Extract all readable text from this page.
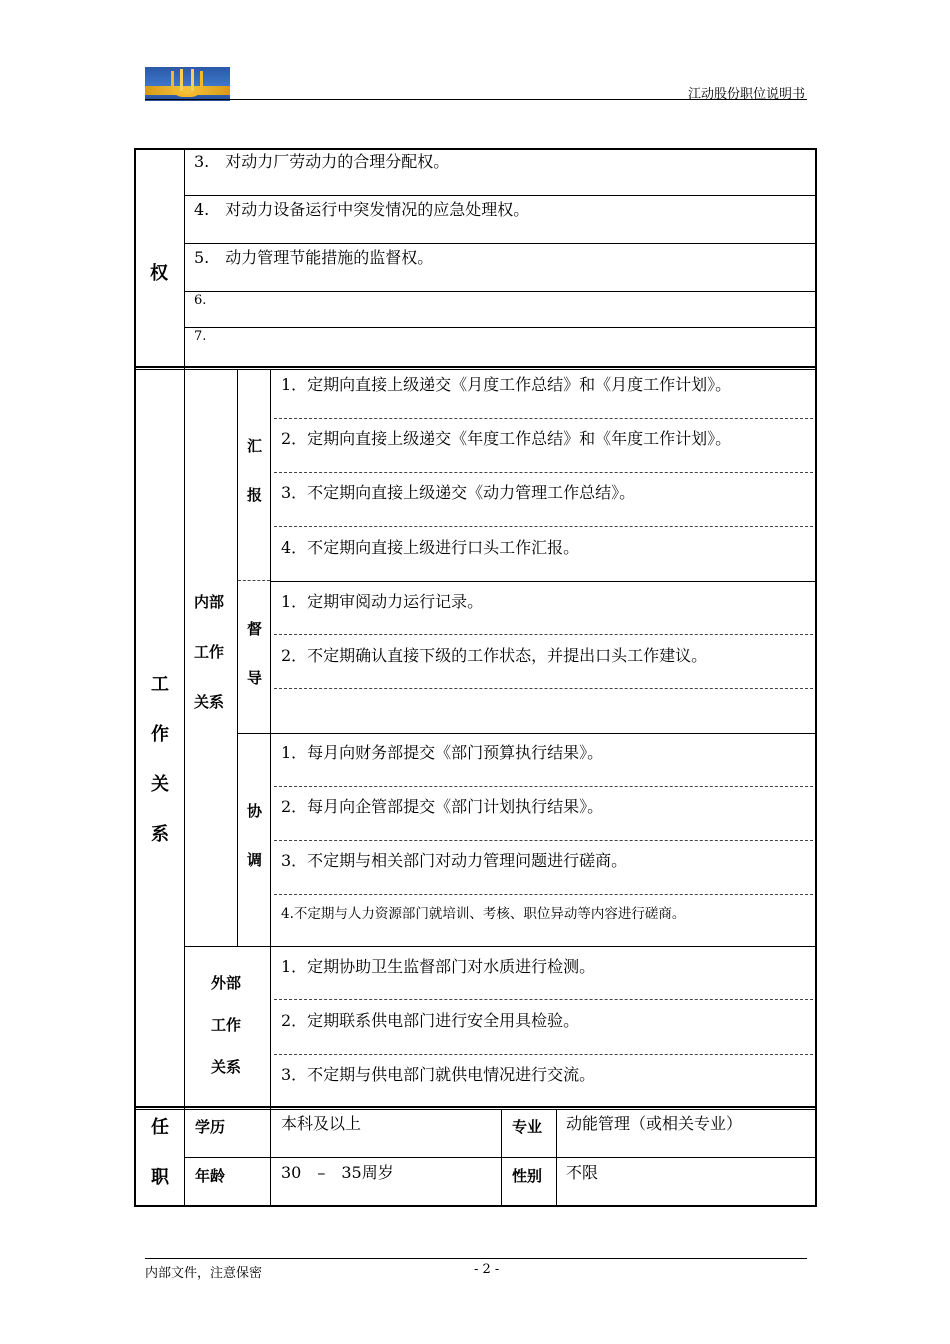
江动股份职位说明书
权
3.　对动力厂劳动力的合理分配权。
4.　对动力设备运行中突发情况的应急处理权。
5.　动力管理节能措施的监督权。
6.
7.
工
作
关
系
内部
工作
关系
汇
报
1．定期向直接上级递交《月度工作总结》和《月度工作计划》。
2．定期向直接上级递交《年度工作总结》和《年度工作计划》。
3．不定期向直接上级递交《动力管理工作总结》。
4．不定期向直接上级进行口头工作汇报。
督
导
1．定期审阅动力运行记录。
2．不定期确认直接下级的工作状态，并提出口头工作建议。
协
调
1．每月向财务部提交《部门预算执行结果》。
2．每月向企管部提交《部门计划执行结果》。
3．不定期与相关部门对动力管理问题进行磋商。
4.不定期与人力资源部门就培训、考核、职位异动等内容进行磋商。
外部
工作
关系
1．定期协助卫生监督部门对水质进行检测。
2．定期联系供电部门进行安全用具检验。
3．不定期与供电部门就供电情况进行交流。
任
职
学历	本科及以上	专业 动能管理（或相关专业）
年龄	30　–　35周岁	性别 不限
内部文件，注意保密	- 2 -
